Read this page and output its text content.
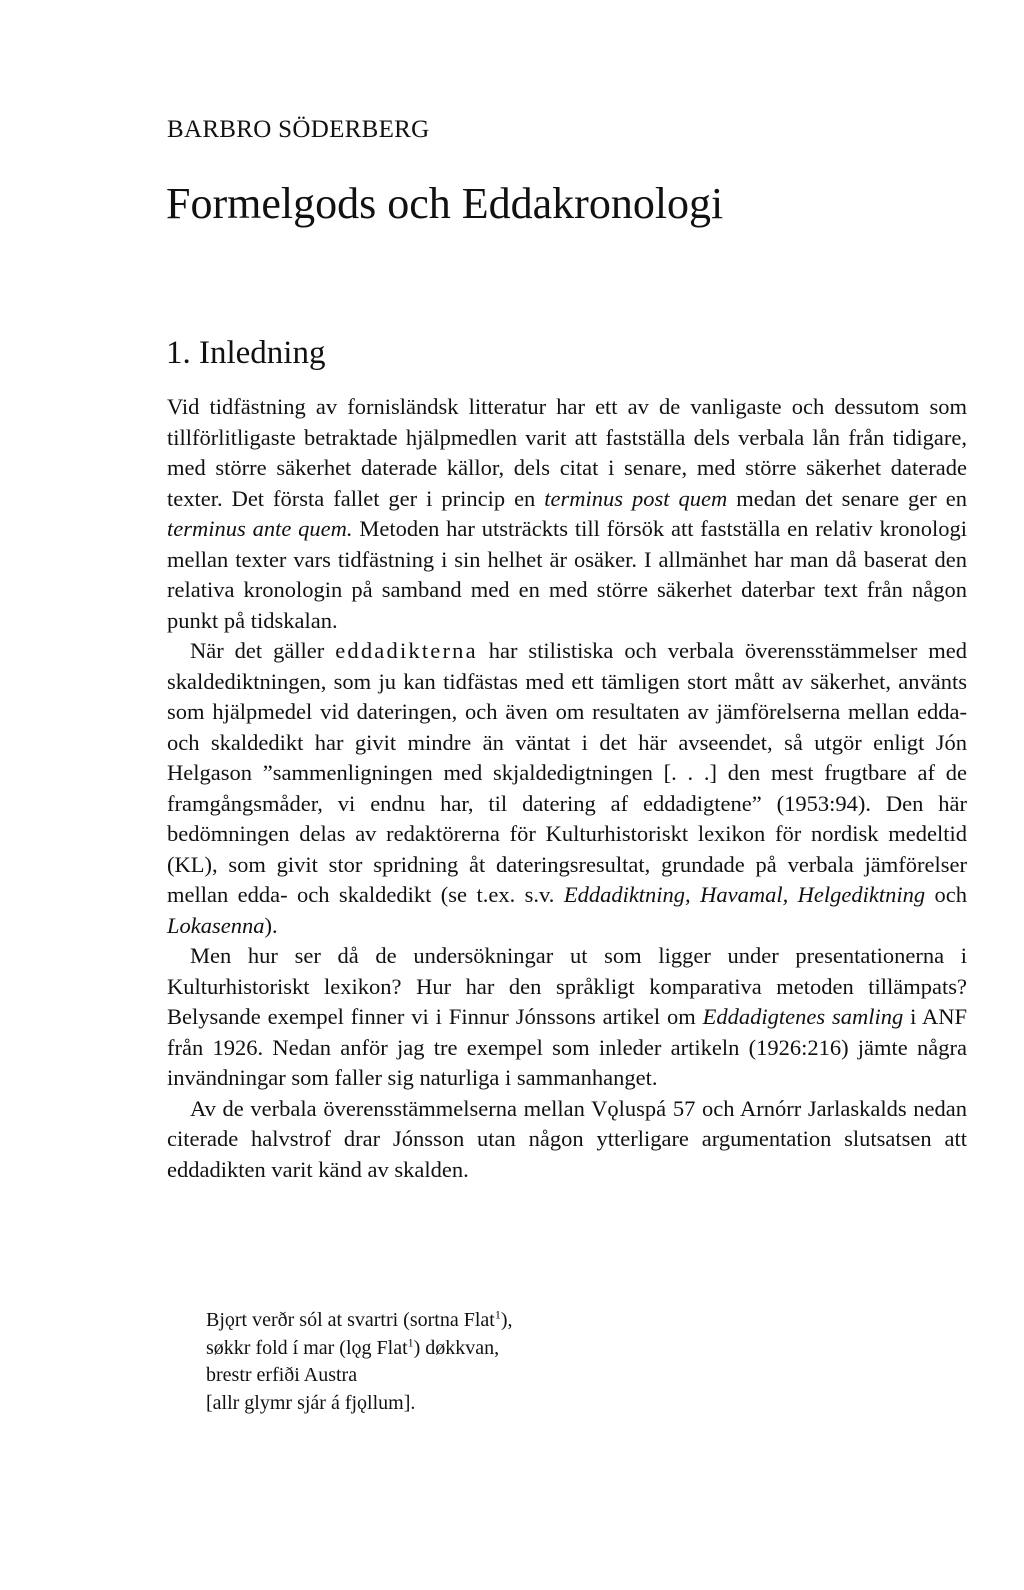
BARBRO SÖDERBERG
Formelgods och Eddakronologi
1. Inledning

Vid tidfästning av fornisländsk litteratur har ett av de vanligaste och dessutom som tillförlitligaste betraktade hjälpmedlen varit att fastställa dels verbala lån från tidigare, med större säkerhet daterade källor, dels citat i senare, med större säkerhet daterade texter. Det första fallet ger i princip en terminus post quem medan det senare ger en terminus ante quem. Metoden har utsträckts till försök att fastställa en relativ kronologi mellan texter vars tidfästning i sin helhet är osäker. I allmänhet har man då baserat den relativa kronologin på samband med en med större säkerhet daterbar text från någon punkt på tidskalan.

När det gäller eddadikterna har stilistiska och verbala överensstämmelser med skaldediktningen, som ju kan tidfästas med ett tämligen stort mått av säkerhet, använts som hjälpmedel vid dateringen, och även om resultaten av jämförelserna mellan edda- och skaldedikt har givit mindre än väntat i det här avseendet, så utgör enligt Jón Helgason ”sammenligningen med skjaldedigtningen [. . .] den mest frugtbare af de framgångsmåder, vi endnu har, til datering af eddadigtene” (1953:94). Den här bedömningen delas av redaktörerna för Kulturhistoriskt lexikon för nordisk medeltid (KL), som givit stor spridning åt dateringsresultat, grundade på verbala jämförelser mellan edda- och skaldedikt (se t.ex. s.v. Eddadiktning, Havamal, Helgediktning och Lokasenna).

Men hur ser då de undersökningar ut som ligger under presentationerna i Kulturhistoriskt lexikon? Hur har den språkligt komparativa metoden tillämpats? Belysande exempel finner vi i Finnur Jónssons artikel om Eddadigtenes samling i ANF från 1926. Nedan anför jag tre exempel som inleder artikeln (1926:216) jämte några invändningar som faller sig naturliga i sammanhanget.

Av de verbala överensstämmelserna mellan Vǫluspá 57 och Arnórr Jarlaskalds nedan citerade halvstrof drar Jónsson utan någon ytterligare argumentation slutsatsen att eddadikten varit känd av skalden.

Bjǫrt verðr sól at svartri (sortna Flat$^1$),
søkkr fold í mar (lǫg Flat$^1$) døkkvan,
brestr erfiði Austra
[allr glymr sjár á fjǫllum].
